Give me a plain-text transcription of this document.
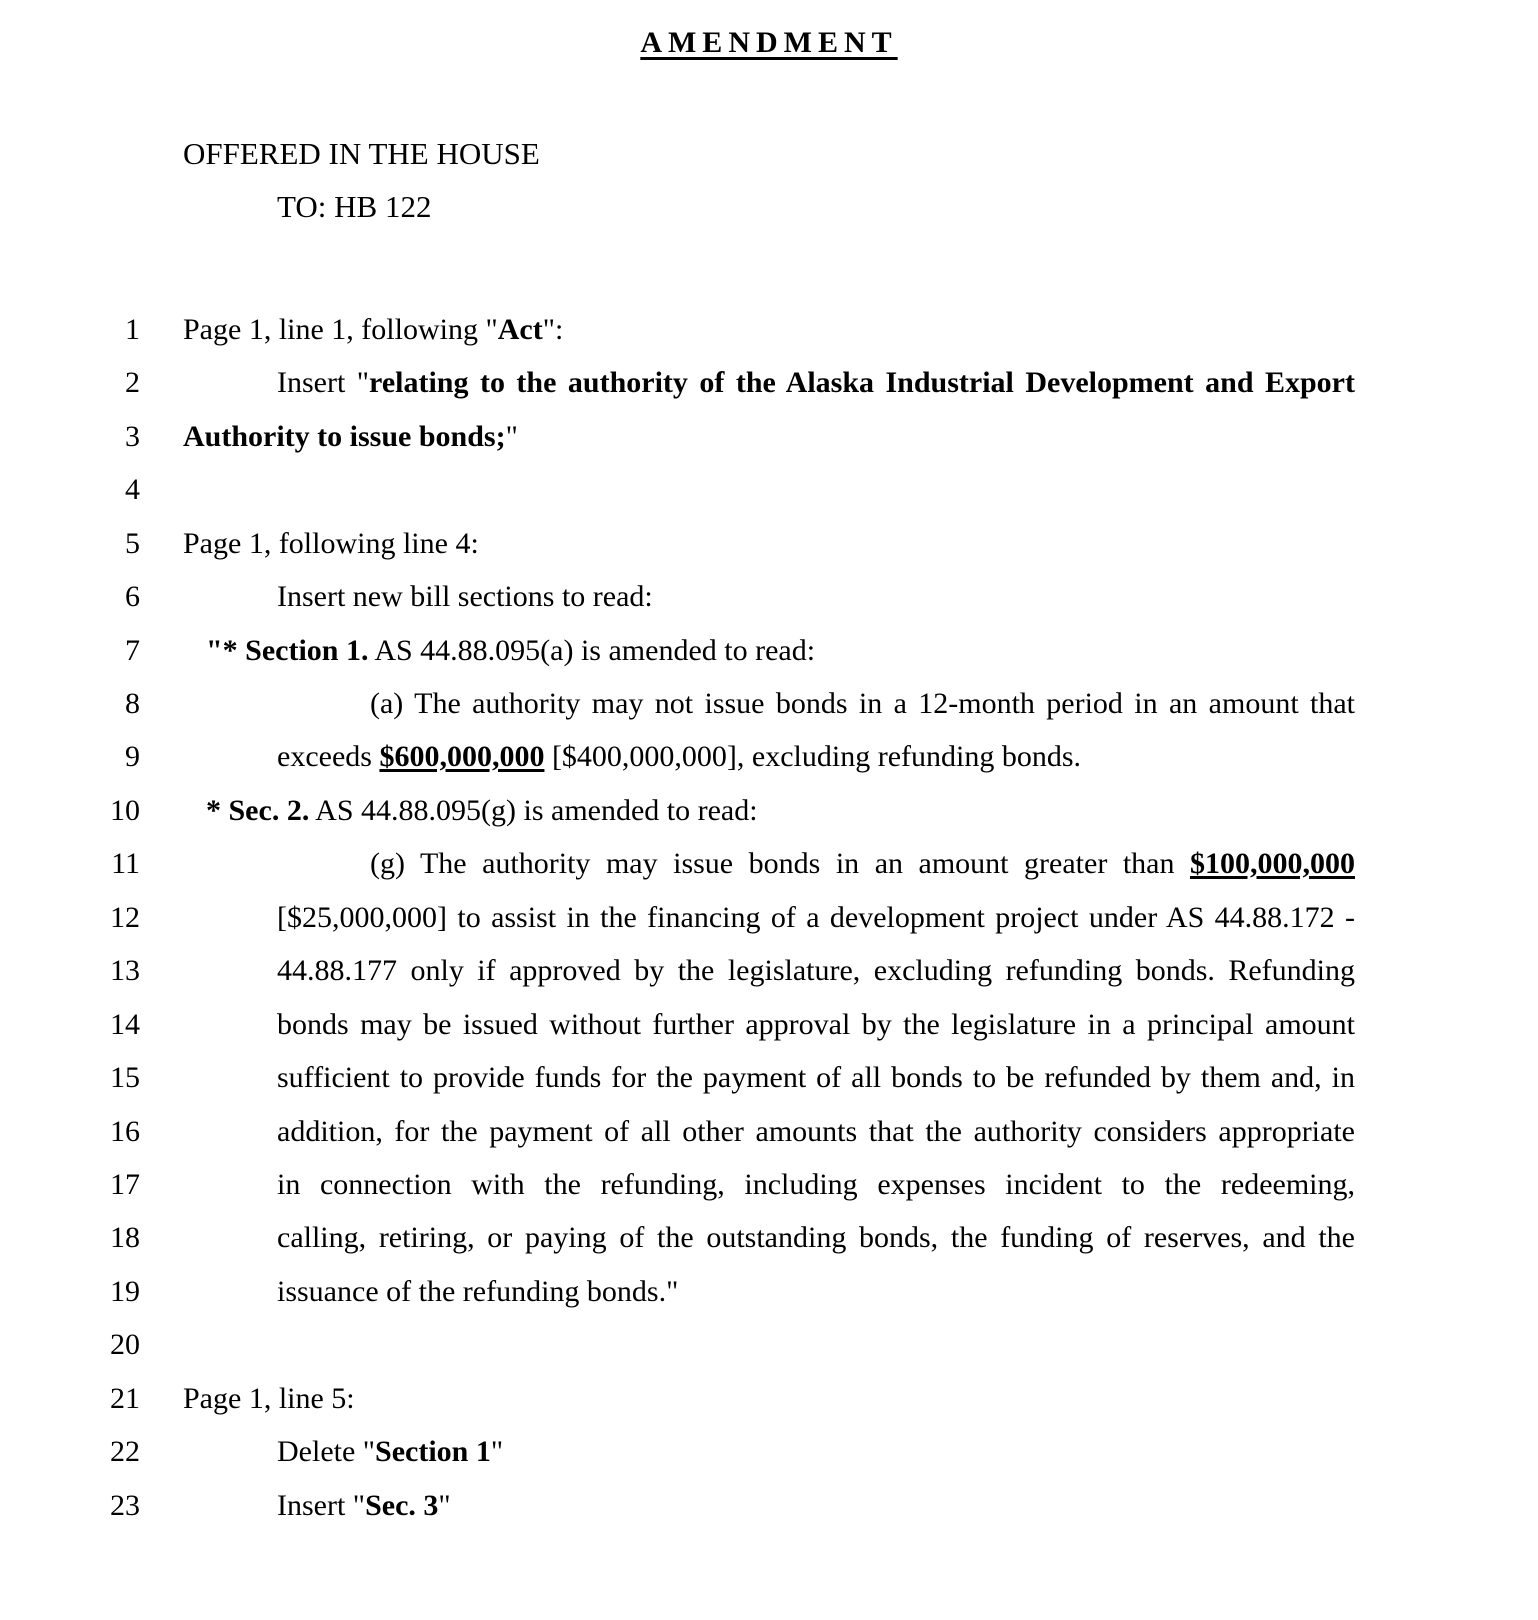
AMENDMENT
OFFERED IN THE HOUSE
TO: HB 122
1
2
3
4
5
6
7
8
9
10
11
12
13
14
15
16
17
18
19
20
21
22
23
Page 1, line 1, following "Act":
Insert "relating to the authority of the Alaska Industrial Development and Export
Authority to issue bonds;"
Page 1, following line 4:
Insert new bill sections to read:
"* Section 1. AS 44.88.095(a) is amended to read:
(a) The authority may not issue bonds in a 12-month period in an amount that
exceeds $600,000,000 [$400,000,000], excluding refunding bonds.
* Sec. 2. AS 44.88.095(g) is amended to read:
(g) The authority may issue bonds in an amount greater than $100,000,000
[$25,000,000] to assist in the financing of a development project under AS 44.88.172 -
44.88.177 only if approved by the legislature, excluding refunding bonds. Refunding
bonds may be issued without further approval by the legislature in a principal amount
sufficient to provide funds for the payment of all bonds to be refunded by them and, in
addition, for the payment of all other amounts that the authority considers appropriate
in connection with the refunding, including expenses incident to the redeeming,
calling, retiring, or paying of the outstanding bonds, the funding of reserves, and the
issuance of the refunding bonds."
Page 1, line 5:
Delete "Section 1"
Insert "Sec. 3"
